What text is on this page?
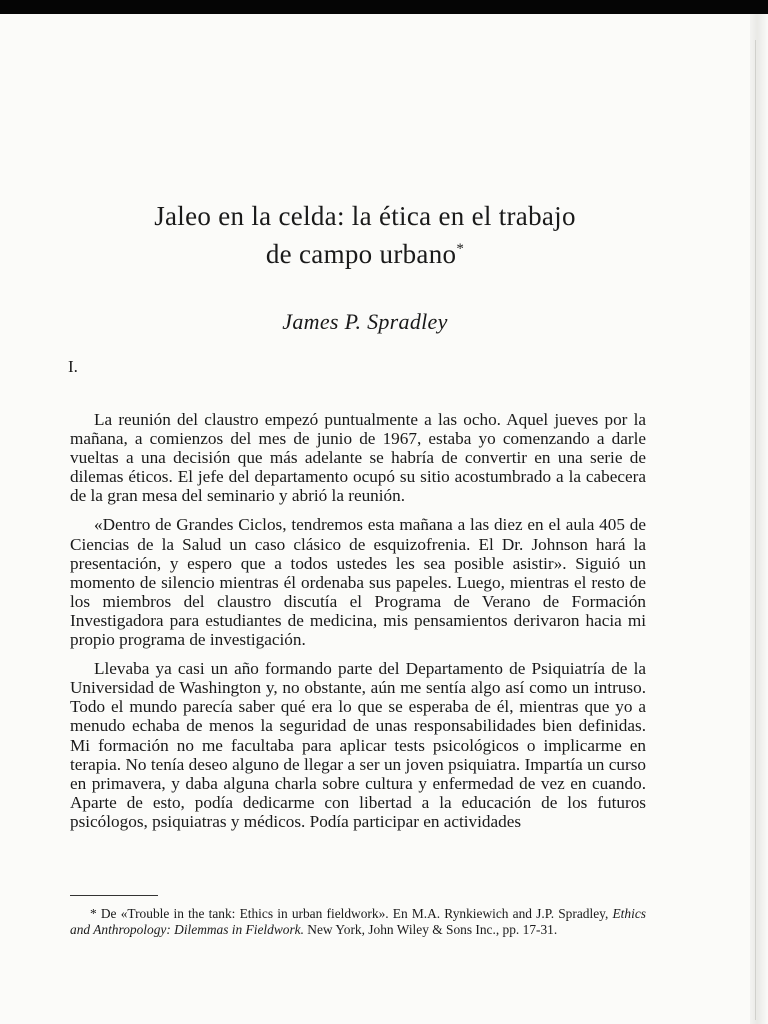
Jaleo en la celda: la ética en el trabajo
de campo urbano*
James P. Spradley
I.

La reunión del claustro empezó puntualmente a las ocho. Aquel jueves por la mañana, a comienzos del mes de junio de 1967, estaba yo comenzando a darle vueltas a una decisión que más adelante se habría de convertir en una serie de dilemas éticos. El jefe del departamento ocupó su sitio acostumbrado a la cabecera de la gran mesa del seminario y abrió la reunión.

«Dentro de Grandes Ciclos, tendremos esta mañana a las diez en el aula 405 de Ciencias de la Salud un caso clásico de esquizofrenia. El Dr. Johnson hará la presentación, y espero que a todos ustedes les sea posible asistir». Siguió un momento de silencio mientras él ordenaba sus papeles. Luego, mientras el resto de los miembros del claustro discutía el Programa de Verano de Formación Investigadora para estudiantes de medicina, mis pensamientos derivaron hacia mi propio programa de investigación.

Llevaba ya casi un año formando parte del Departamento de Psiquiatría de la Universidad de Washington y, no obstante, aún me sentía algo así como un intruso. Todo el mundo parecía saber qué era lo que se esperaba de él, mientras que yo a menudo echaba de menos la seguridad de unas responsabilidades bien definidas. Mi formación no me facultaba para aplicar tests psicológicos o implicarme en terapia. No tenía deseo alguno de llegar a ser un joven psiquiatra. Impartía un curso en primavera, y daba alguna charla sobre cultura y enfermedad de vez en cuando. Aparte de esto, podía dedicarme con libertad a la educación de los futuros psicólogos, psiquiatras y médicos. Podía participar en actividades

* De «Trouble in the tank: Ethics in urban fieldwork». En M.A. Rynkiewich and J.P. Spradley, Ethics and Anthropology: Dilemmas in Fieldwork. New York, John Wiley & Sons Inc., pp. 17-31.
